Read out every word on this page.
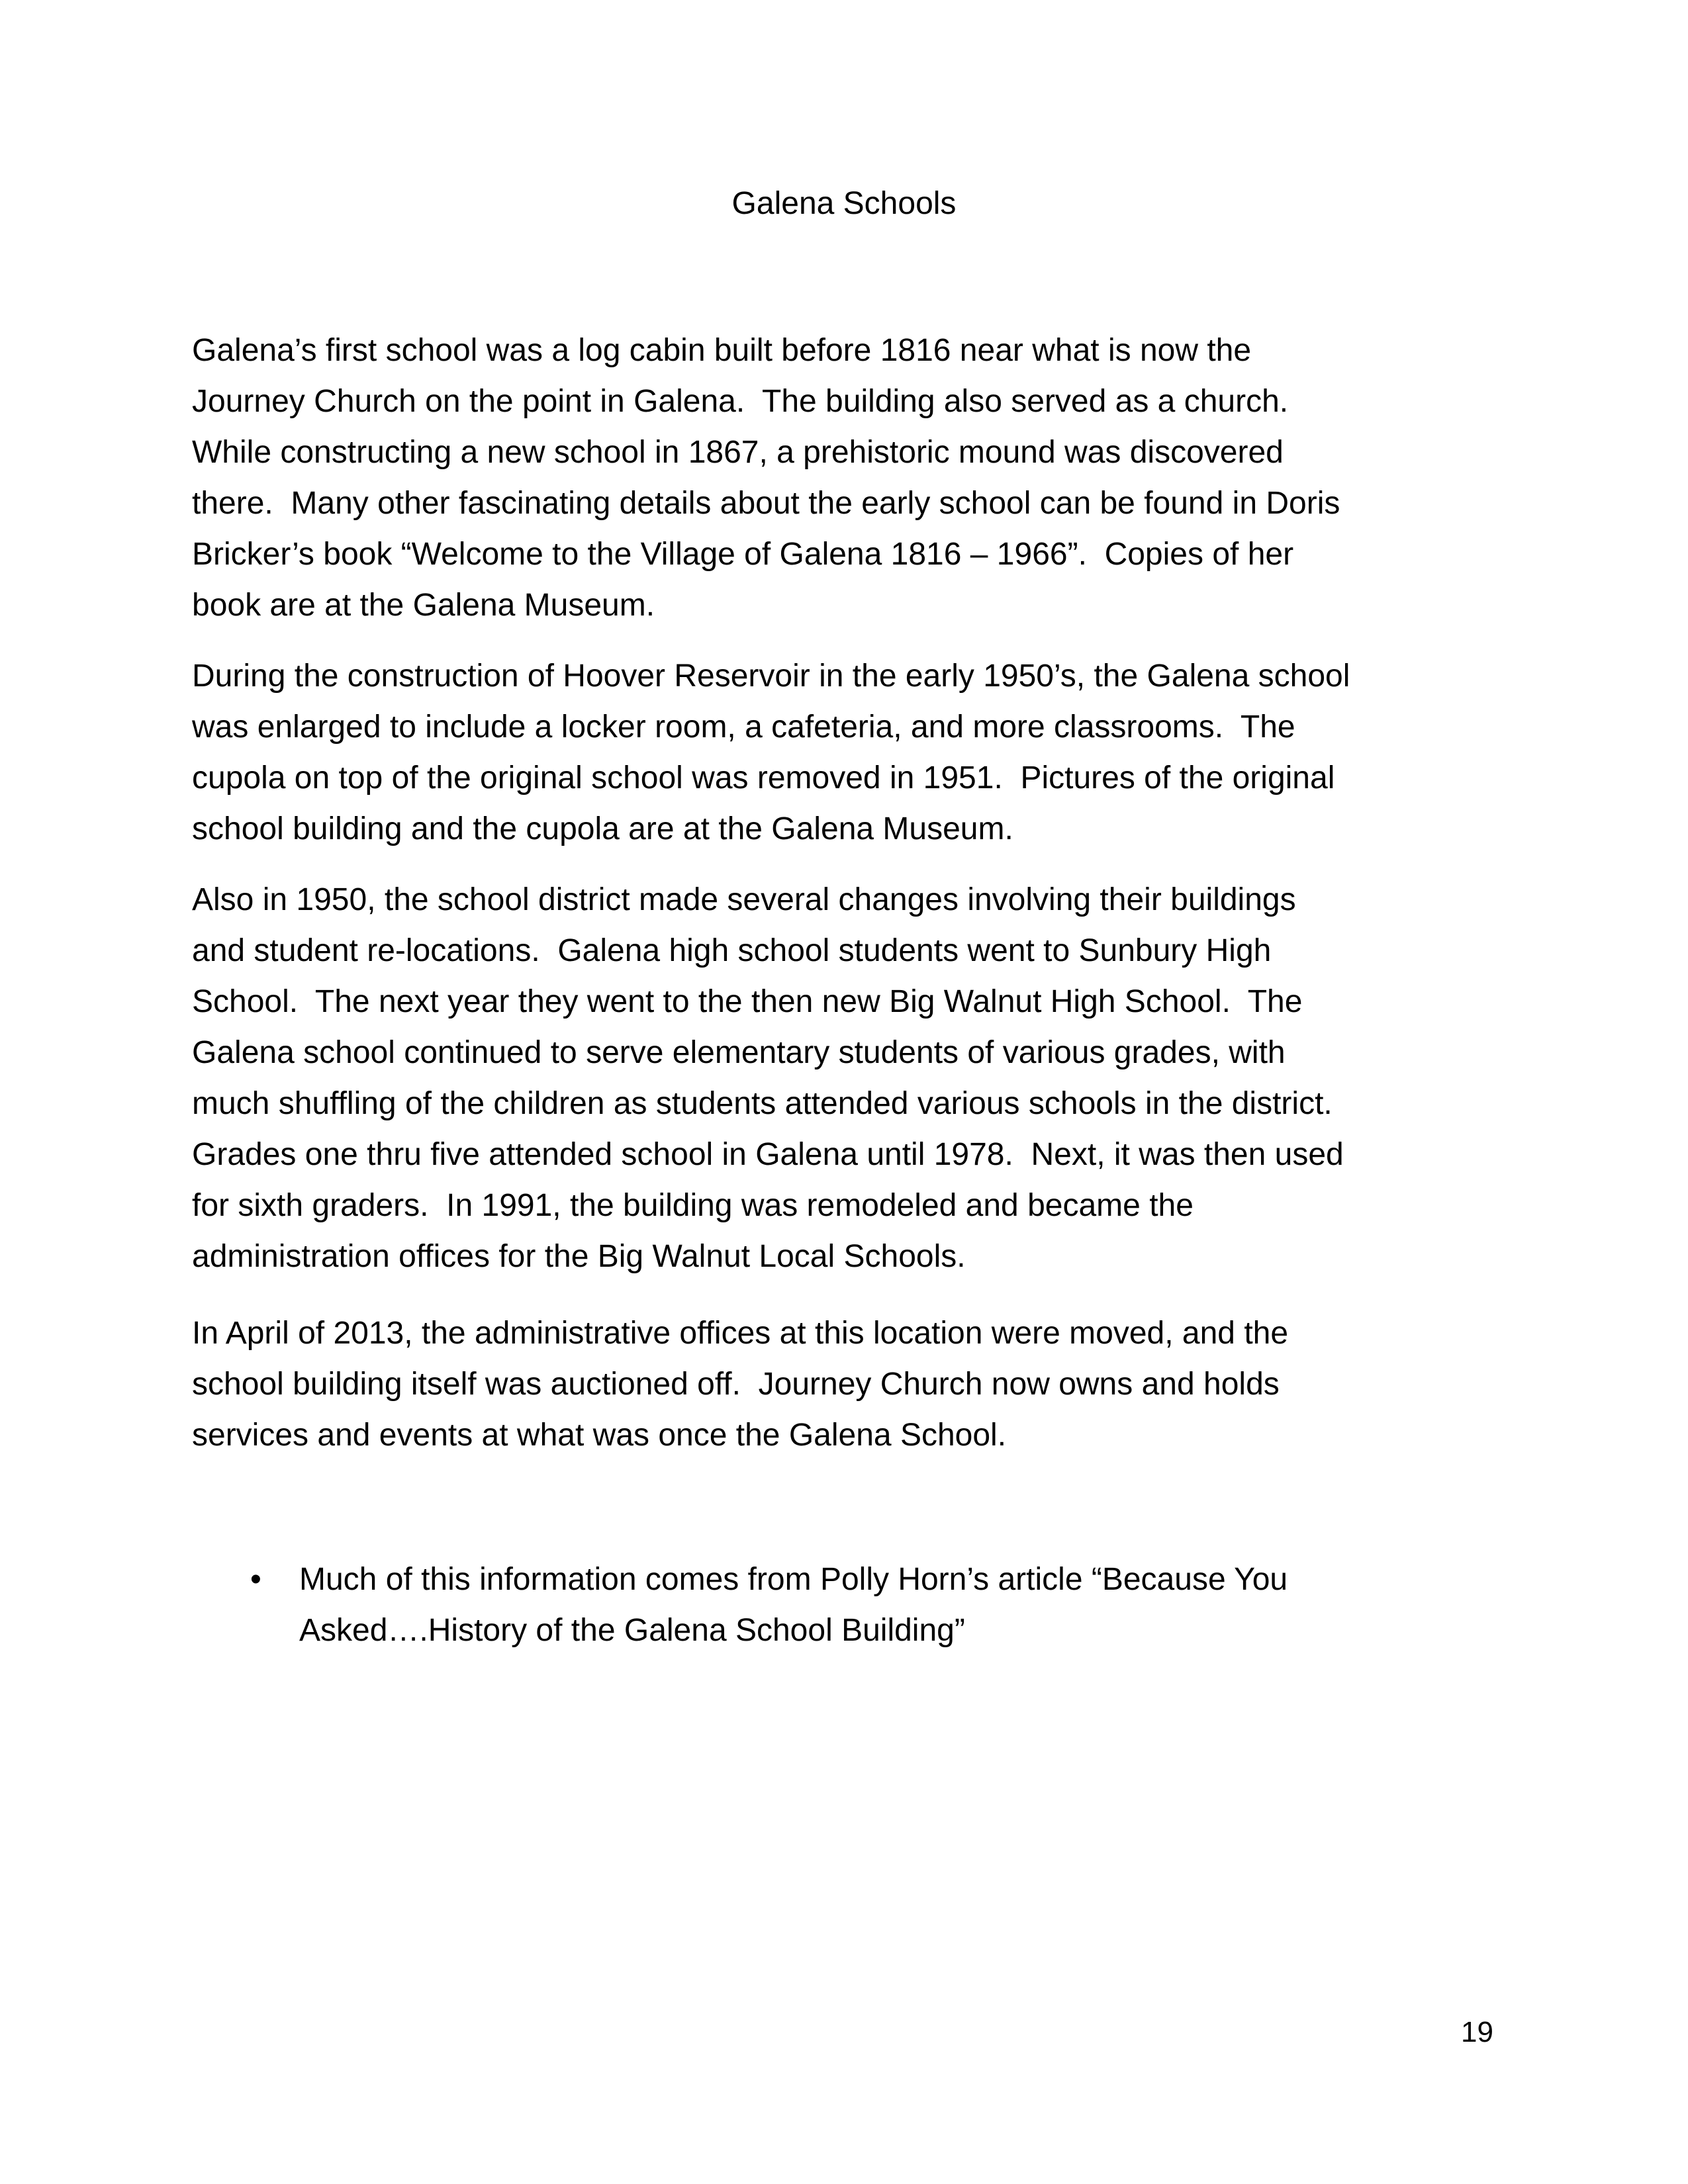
Galena Schools
Galena’s first school was a log cabin built before 1816 near what is now the
Journey Church on the point in Galena.  The building also served as a church.
While constructing a new school in 1867, a prehistoric mound was discovered
there.  Many other fascinating details about the early school can be found in Doris
Bricker’s book “Welcome to the Village of Galena 1816 – 1966”.  Copies of her
book are at the Galena Museum.
During the construction of Hoover Reservoir in the early 1950’s, the Galena school
was enlarged to include a locker room, a cafeteria, and more classrooms.  The
cupola on top of the original school was removed in 1951.  Pictures of the original
school building and the cupola are at the Galena Museum.
Also in 1950, the school district made several changes involving their buildings
and student re-locations.  Galena high school students went to Sunbury High
School.  The next year they went to the then new Big Walnut High School.  The
Galena school continued to serve elementary students of various grades, with
much shuffling of the children as students attended various schools in the district.
Grades one thru five attended school in Galena until 1978.  Next, it was then used
for sixth graders.  In 1991, the building was remodeled and became the
administration offices for the Big Walnut Local Schools.
In April of 2013, the administrative offices at this location were moved, and the
school building itself was auctioned off.  Journey Church now owns and holds
services and events at what was once the Galena School.
•	Much of this information comes from Polly Horn’s article “Because You
Asked….History of the Galena School Building”
19
